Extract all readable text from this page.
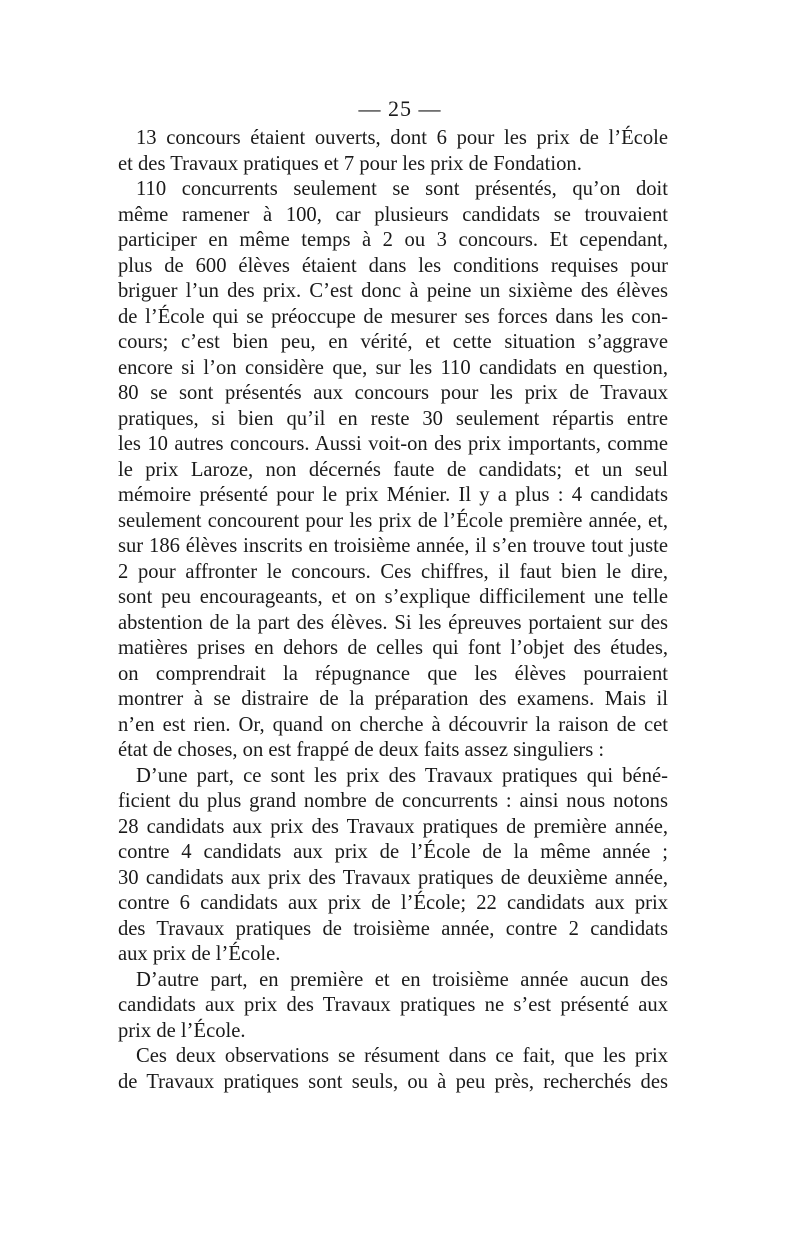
— 25 —
13 concours étaient ouverts, dont 6 pour les prix de l’École
et des Travaux pratiques et 7 pour les prix de Fondation.
110 concurrents seulement se sont présentés, qu’on doit
même ramener à 100, car plusieurs candidats se trouvaient
participer en même temps à 2 ou 3 concours. Et cependant,
plus de 600 élèves étaient dans les conditions requises pour
briguer l’un des prix. C’est donc à peine un sixième des élèves
de l’École qui se préoccupe de mesurer ses forces dans les con-
cours; c’est bien peu, en vérité, et cette situation s’aggrave
encore si l’on considère que, sur les 110 candidats en question,
80 se sont présentés aux concours pour les prix de Travaux
pratiques, si bien qu’il en reste 30 seulement répartis entre
les 10 autres concours. Aussi voit-on des prix importants, comme
le prix Laroze, non décernés faute de candidats; et un seul
mémoire présenté pour le prix Ménier. Il y a plus : 4 candidats
seulement concourent pour les prix de l’École première année, et,
sur 186 élèves inscrits en troisième année, il s’en trouve tout juste
2 pour affronter le concours. Ces chiffres, il faut bien le dire,
sont peu encourageants, et on s’explique difficilement une telle
abstention de la part des élèves. Si les épreuves portaient sur des
matières prises en dehors de celles qui font l’objet des études,
on comprendrait la répugnance que les élèves pourraient
montrer à se distraire de la préparation des examens. Mais il
n’en est rien. Or, quand on cherche à découvrir la raison de cet
état de choses, on est frappé de deux faits assez singuliers :
D’une part, ce sont les prix des Travaux pratiques qui béné-
ficient du plus grand nombre de concurrents : ainsi nous notons
28 candidats aux prix des Travaux pratiques de première année,
contre 4 candidats aux prix de l’École de la même année ;
30 candidats aux prix des Travaux pratiques de deuxième année,
contre 6 candidats aux prix de l’École; 22 candidats aux prix
des Travaux pratiques de troisième année, contre 2 candidats
aux prix de l’École.
D’autre part, en première et en troisième année aucun des
candidats aux prix des Travaux pratiques ne s’est présenté aux
prix de l’École.
Ces deux observations se résument dans ce fait, que les prix
de Travaux pratiques sont seuls, ou à peu près, recherchés des
